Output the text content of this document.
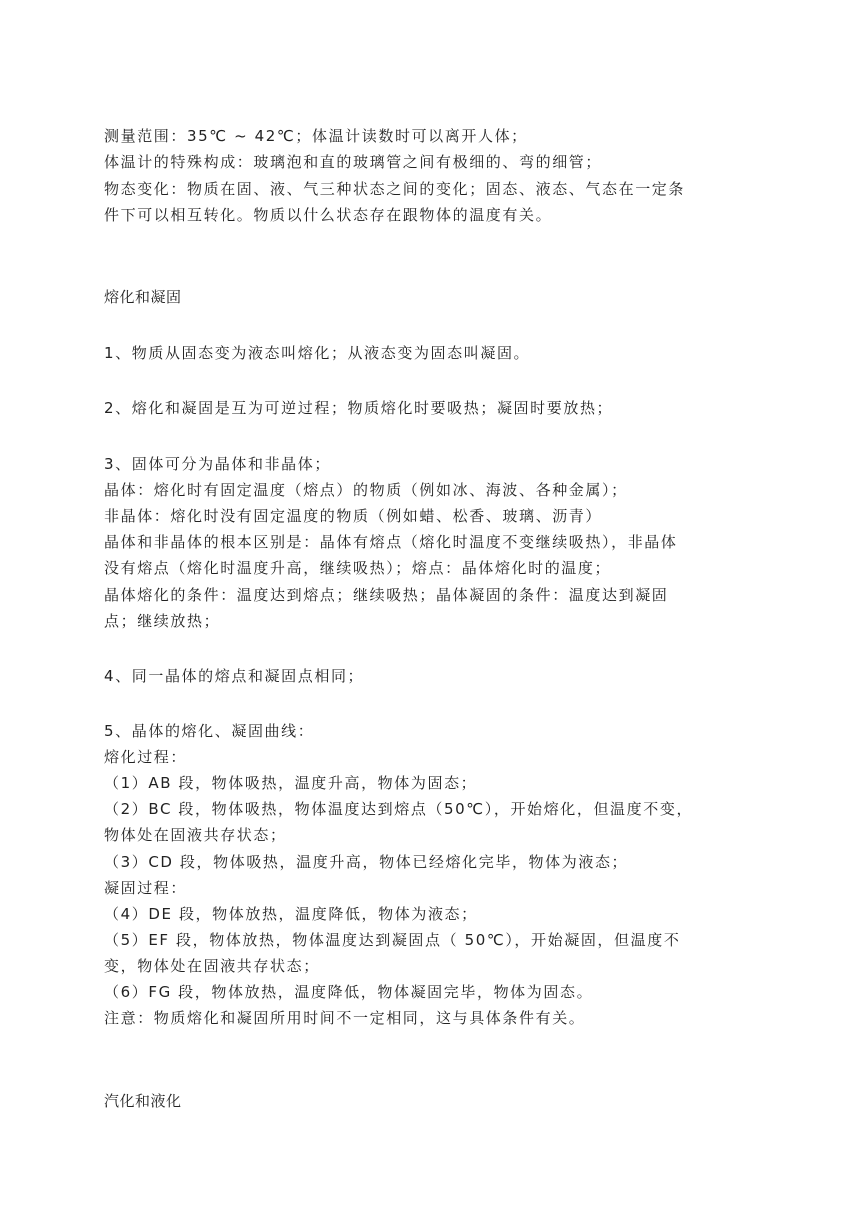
测量范围：35℃ ~ 42℃；体温计读数时可以离开人体；
体温计的特殊构成：玻璃泡和直的玻璃管之间有极细的、弯的细管；
物态变化：物质在固、液、气三种状态之间的变化；固态、液态、气态在一定条
件下可以相互转化。物质以什么状态存在跟物体的温度有关。
熔化和凝固
1、物质从固态变为液态叫熔化；从液态变为固态叫凝固。
2、熔化和凝固是互为可逆过程；物质熔化时要吸热；凝固时要放热；
3、固体可分为晶体和非晶体；
晶体：熔化时有固定温度（熔点）的物质（例如冰、海波、各种金属）；
非晶体：熔化时没有固定温度的物质（例如蜡、松香、玻璃、沥青）
晶体和非晶体的根本区别是：晶体有熔点（熔化时温度不变继续吸热），非晶体
没有熔点（熔化时温度升高，继续吸热）；熔点：晶体熔化时的温度；
晶体熔化的条件：温度达到熔点；继续吸热；晶体凝固的条件：温度达到凝固
点；继续放热；
4、同一晶体的熔点和凝固点相同；
5、晶体的熔化、凝固曲线：
熔化过程：
（1）AB 段，物体吸热，温度升高，物体为固态；
（2）BC 段，物体吸热，物体温度达到熔点（50℃），开始熔化，但温度不变，
物体处在固液共存状态；
（3）CD 段，物体吸热，温度升高，物体已经熔化完毕，物体为液态；
凝固过程：
（4）DE 段，物体放热，温度降低，物体为液态；
（5）EF 段，物体放热，物体温度达到凝固点（ 50℃），开始凝固，但温度不
变，物体处在固液共存状态；
（6）FG 段，物体放热，温度降低，物体凝固完毕，物体为固态。
注意：物质熔化和凝固所用时间不一定相同，这与具体条件有关。
汽化和液化
